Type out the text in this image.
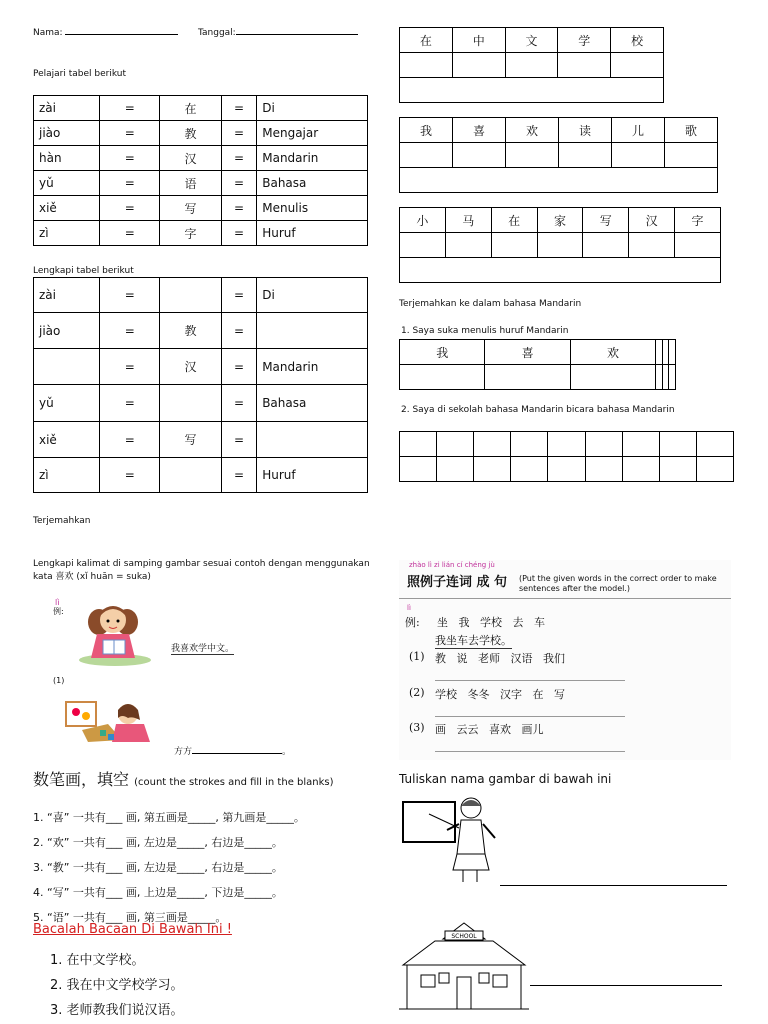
Nama:	Tanggal:
Pelajari tabel berikut
zài	=	在	=	Di
jiào	=	教	=	Mengajar
hàn	=	汉	=	Mandarin
yǔ	=	语	=	Bahasa
xiě	=	写	=	Menulis
zì	=	字	=	Huruf
Lengkapi tabel berikut
zài	=		=	Di
jiào	=	教	=	
	=	汉	=	Mandarin
yǔ	=		=	Bahasa
xiě	=	写	=	
zì	=		=	Huruf
Terjemahkan
Lengkapi kalimat di samping gambar sesuai contoh dengan menggunakan
kata 喜欢 (xǐ huān = suka)
lì
例:
我喜欢学中文。
(1)
方方	。
数笔画，填空 (count the strokes and fill in the blanks)
1. “喜” 一共有___ 画, 第五画是_____, 第九画是_____。
2. “欢” 一共有___ 画, 左边是_____, 右边是_____。
3. “教” 一共有___ 画, 左边是_____, 右边是_____。
4. “写” 一共有___ 画, 上边是_____, 下边是_____。
5. “语” 一共有___ 画, 第三画是_____。
Bacalah Bacaan Di Bawah Ini !
1. 在中文学校。
2. 我在中文学校学习。
3. 老师教我们说汉语。
在	中	文	学	校

我	喜	欢	读	儿	歌

小	马	在	家	写	汉	字

Terjemahkan ke dalam bahasa Mandarin
1. Saya suka menulis huruf Mandarin
我	喜	欢			

2. Saya di sekolah bahasa Mandarin bicara bahasa Mandarin

zhào lì zi lián cí chéng jù
照例子连词 成 句 (Put the given words in the correct order to make sentences after the model.)
lì
例: 坐   我   学校   去   车
我坐车去学校。
(1) 教   说   老师   汉语   我们
(2) 学校   冬冬   汉字   在   写
(3) 画   云云   喜欢   画儿
Tuliskan nama gambar di bawah ini
SCHOOL
